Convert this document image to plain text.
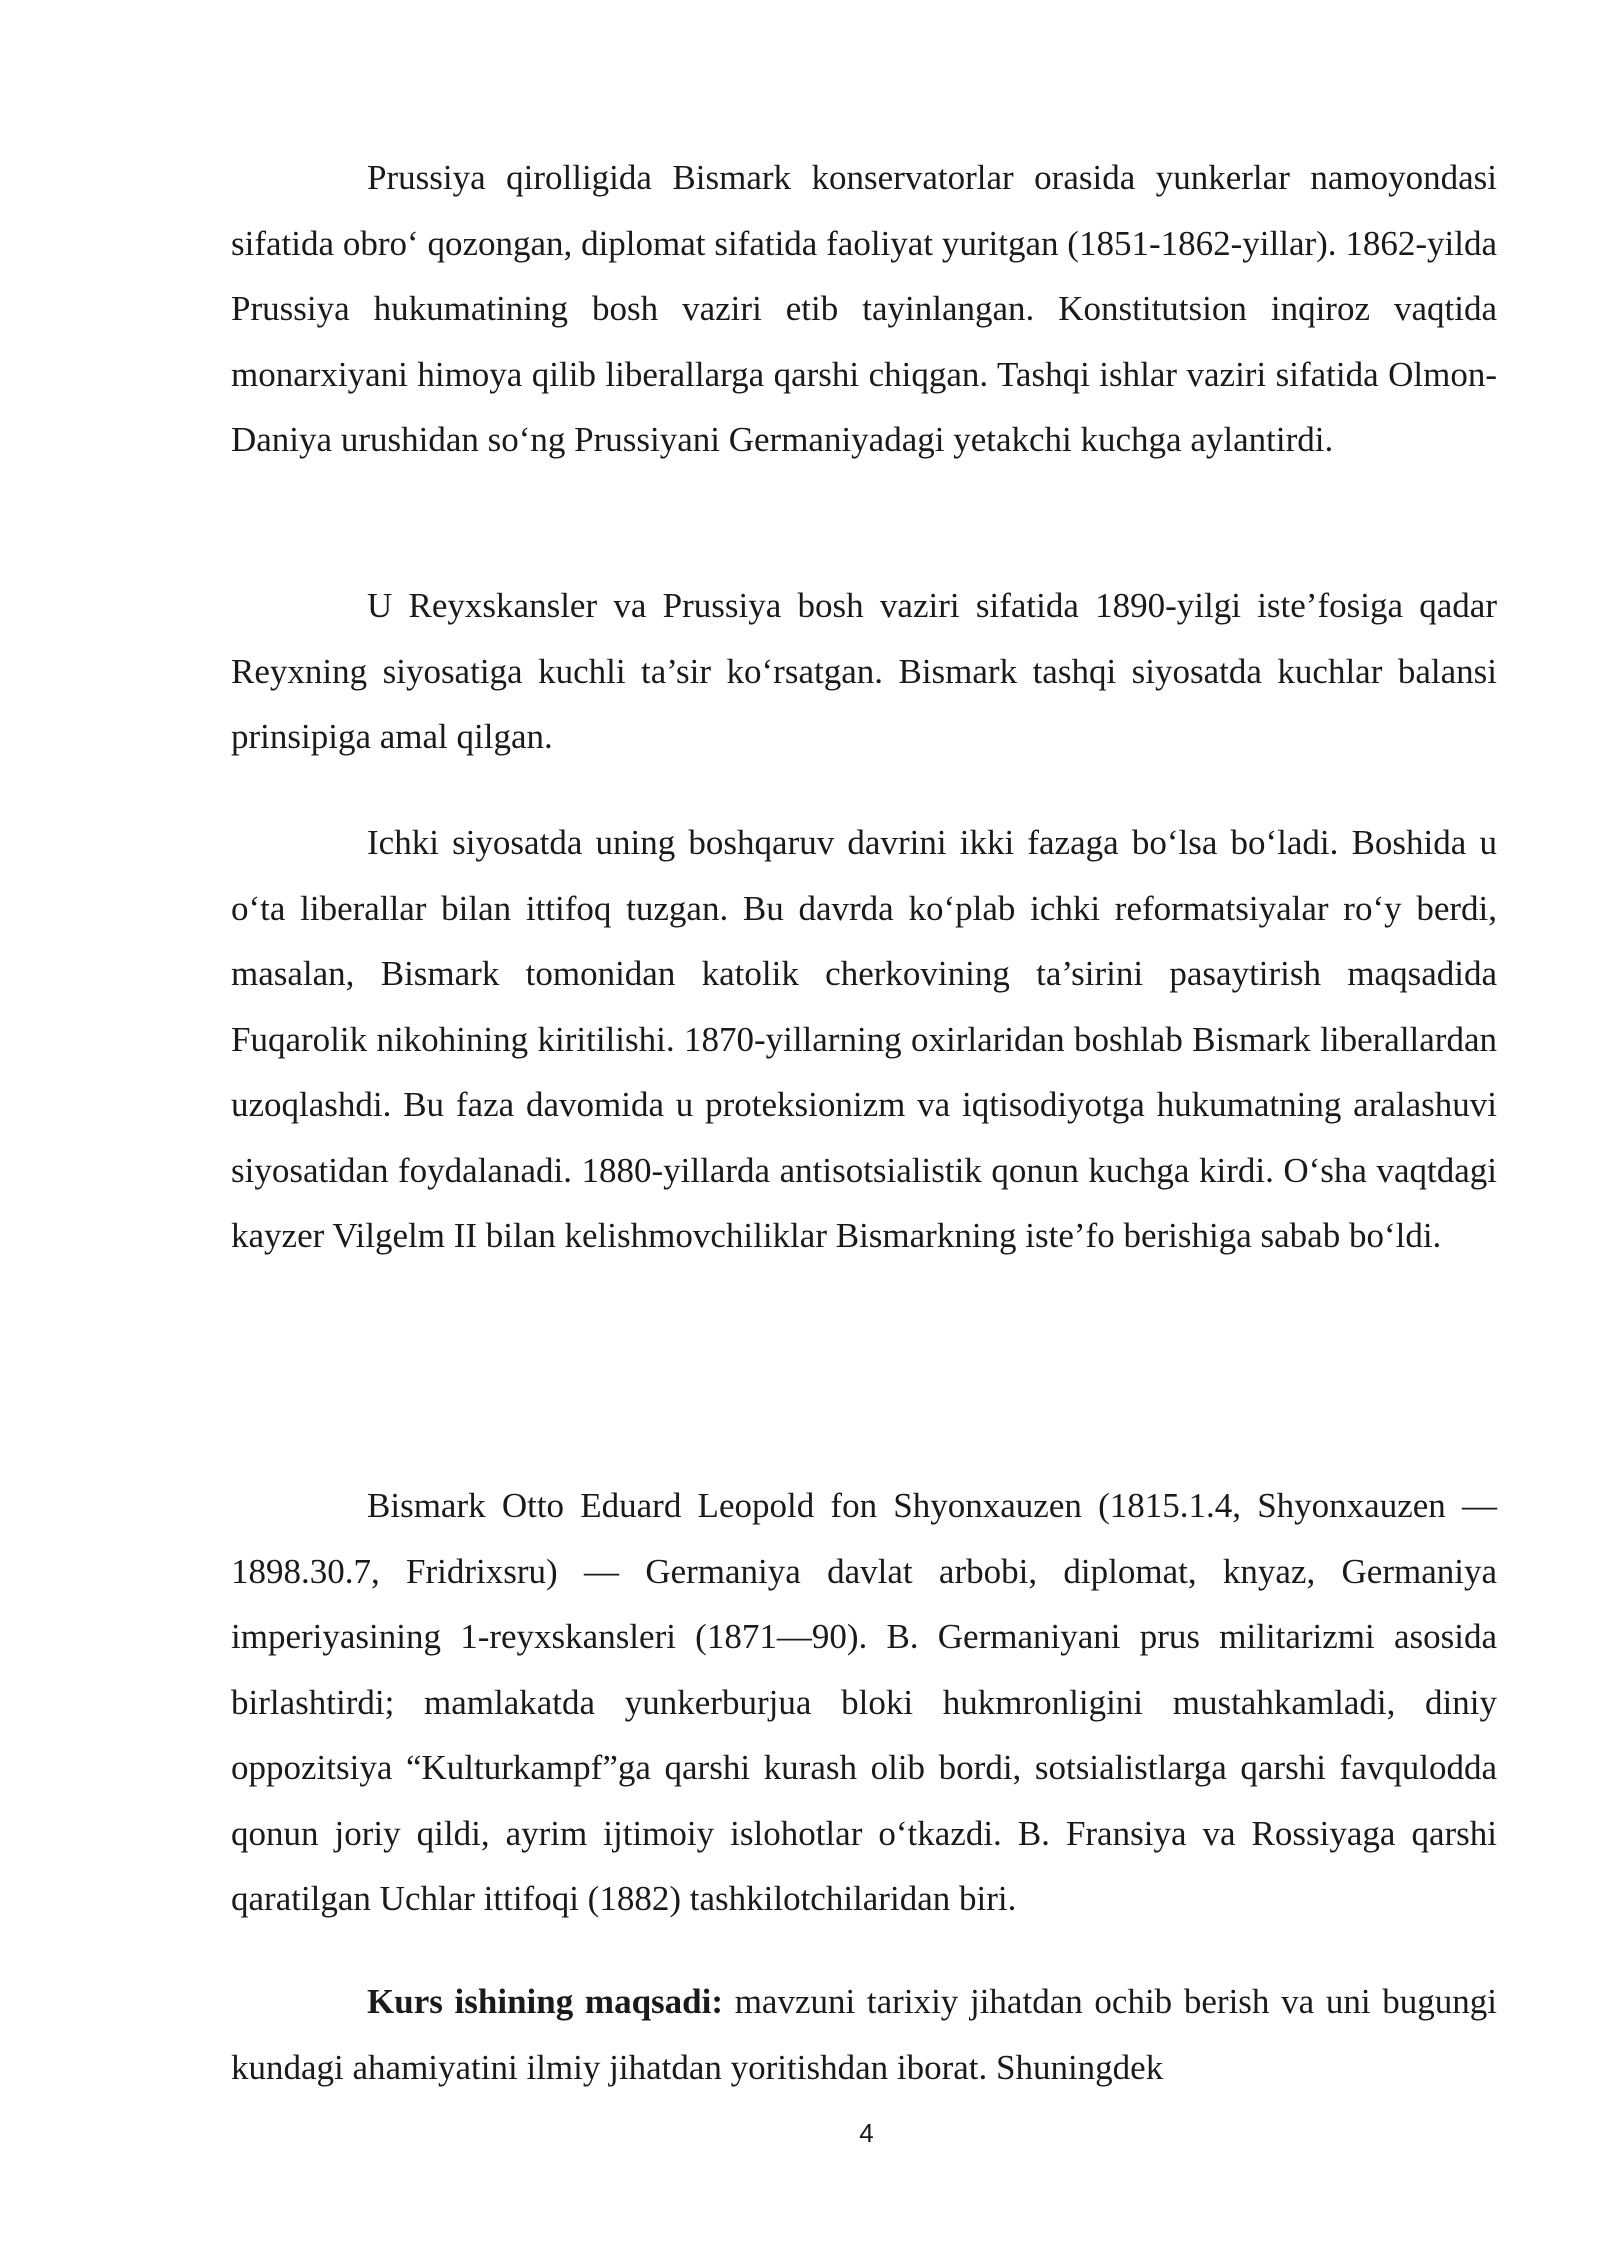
Prussiya qirolligida Bismark konservatorlar orasida yunkerlar namoyondasi sifatida obro‘ qozongan, diplomat sifatida faoliyat yuritgan (1851-1862-yillar). 1862-yilda Prussiya hukumatining bosh vaziri etib tayinlangan. Konstitutsion inqiroz vaqtida monarxiyani himoya qilib liberallarga qarshi chiqgan. Tashqi ishlar vaziri sifatida Olmon-Daniya urushidan so‘ng Prussiyani Germaniyadagi yetakchi kuchga aylantirdi.

U Reyxskansler va Prussiya bosh vaziri sifatida 1890-yilgi iste’fosiga qadar Reyxning siyosatiga kuchli ta’sir ko‘rsatgan. Bismark tashqi siyosatda kuchlar balansi prinsipiga amal qilgan.

Ichki siyosatda uning boshqaruv davrini ikki fazaga bo‘lsa bo‘ladi. Boshida u o‘ta liberallar bilan ittifoq tuzgan. Bu davrda ko‘plab ichki reformatsiyalar ro‘y berdi, masalan, Bismark tomonidan katolik cherkovining ta’sirini pasaytirish maqsadida Fuqarolik nikohining kiritilishi. 1870-yillarning oxirlaridan boshlab Bismark liberallardan uzoqlashdi. Bu faza davomida u proteksionizm va iqtisodiyotga hukumatning aralashuvi siyosatidan foydalanadi. 1880-yillarda antisotsialistik qonun kuchga kirdi. O‘sha vaqtdagi kayzer Vilgelm II bilan kelishmovchiliklar Bismarkning iste’fo berishiga sabab bo‘ldi.

Bismark Otto Eduard Leopold fon Shyonxauzen (1815.1.4, Shyonxauzen —1898.30.7, Fridrixsru) — Germaniya davlat arbobi, diplomat, knyaz, Germaniya imperiyasining 1-reyxskansleri (1871—90). B. Germaniyani prus militarizmi asosida birlashtirdi; mamlakatda yunkerburjua bloki hukmronligini mustahkamladi, diniy oppozitsiya “Kulturkampf”ga qarshi kurash olib bordi, sotsialistlarga qarshi favqulodda qonun joriy qildi, ayrim ijtimoiy islohotlar o‘tkazdi. B. Fransiya va Rossiyaga qarshi qaratilgan Uchlar ittifoqi (1882) tashkilotchilaridan biri.

Kurs ishining maqsadi: mavzuni tarixiy jihatdan ochib berish va uni bugungi kundagi ahamiyatini ilmiy jihatdan yoritishdan iborat. Shuningdek

4
